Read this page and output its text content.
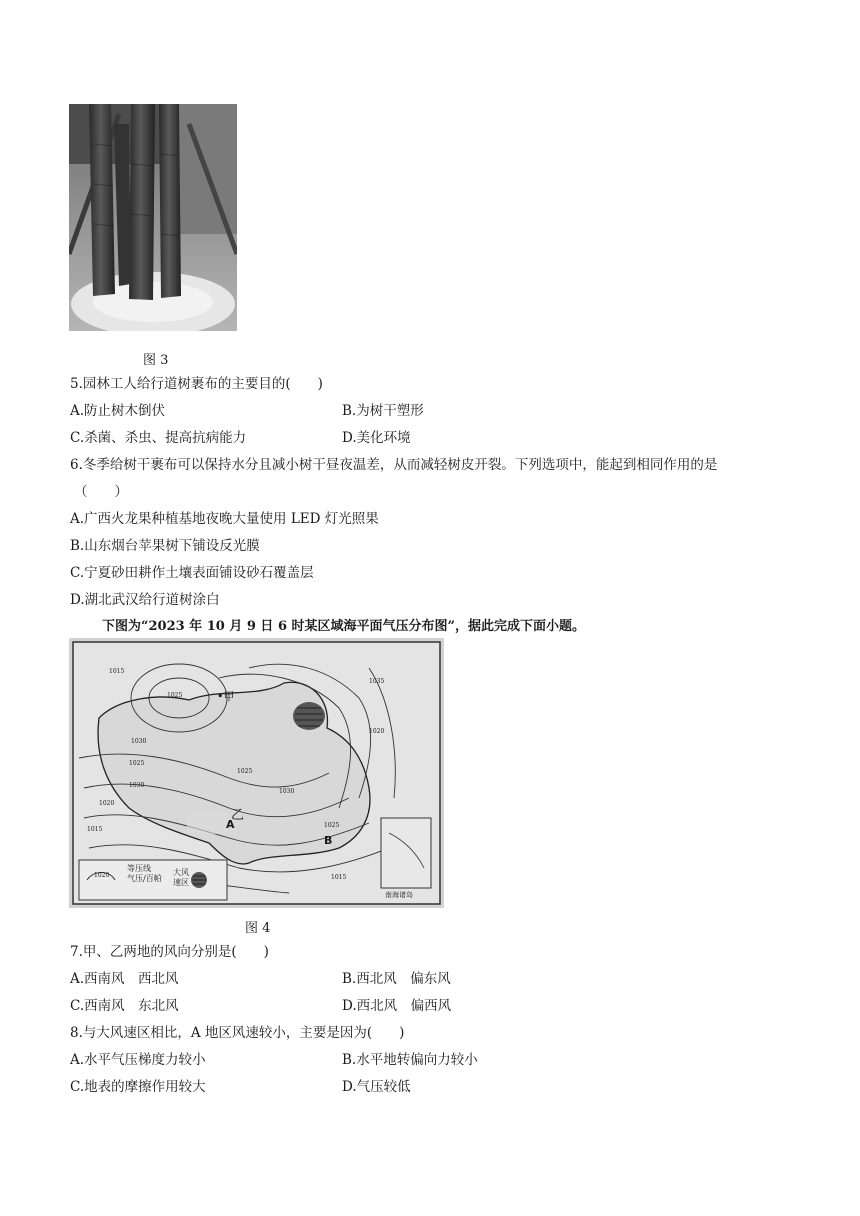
图 3
5.园林工人给行道树裹布的主要目的(　　)
A.防止树木倒伏	B.为树干塑形
C.杀菌、杀虫、提高抗病能力	D.美化环境
6.冬季给树干裹布可以保持水分且减小树干昼夜温差，从而减轻树皮开裂。下列选项中，能起到相同作用的是
（　　）
A.广西火龙果种植基地夜晚大量使用 LED 灯光照果
B.山东烟台苹果树下铺设反光膜
C.宁夏砂田耕作土壤表面铺设砂石覆盖层
D.湖北武汉给行道树涂白
下图为“2023 年 10 月 9 日 6 时某区域海平面气压分布图”，据此完成下面小题。
•甲
乙
A
B
1025
1030
1030
1025
1020
1015
1025
1030
1035
1020
1025
1015
1015
1020
等压线
气压/百帕
大风
速区
南海诸岛
图 4
7.甲、乙两地的风向分别是(　　)
A.西南风　西北风	B.西北风　偏东风
C.西南风　东北风	D.西北风　偏西风
8.与大风速区相比，A 地区风速较小，主要是因为(　　)
A.水平气压梯度力较小	B.水平地转偏向力较小
C.地表的摩擦作用较大	D.气压较低
